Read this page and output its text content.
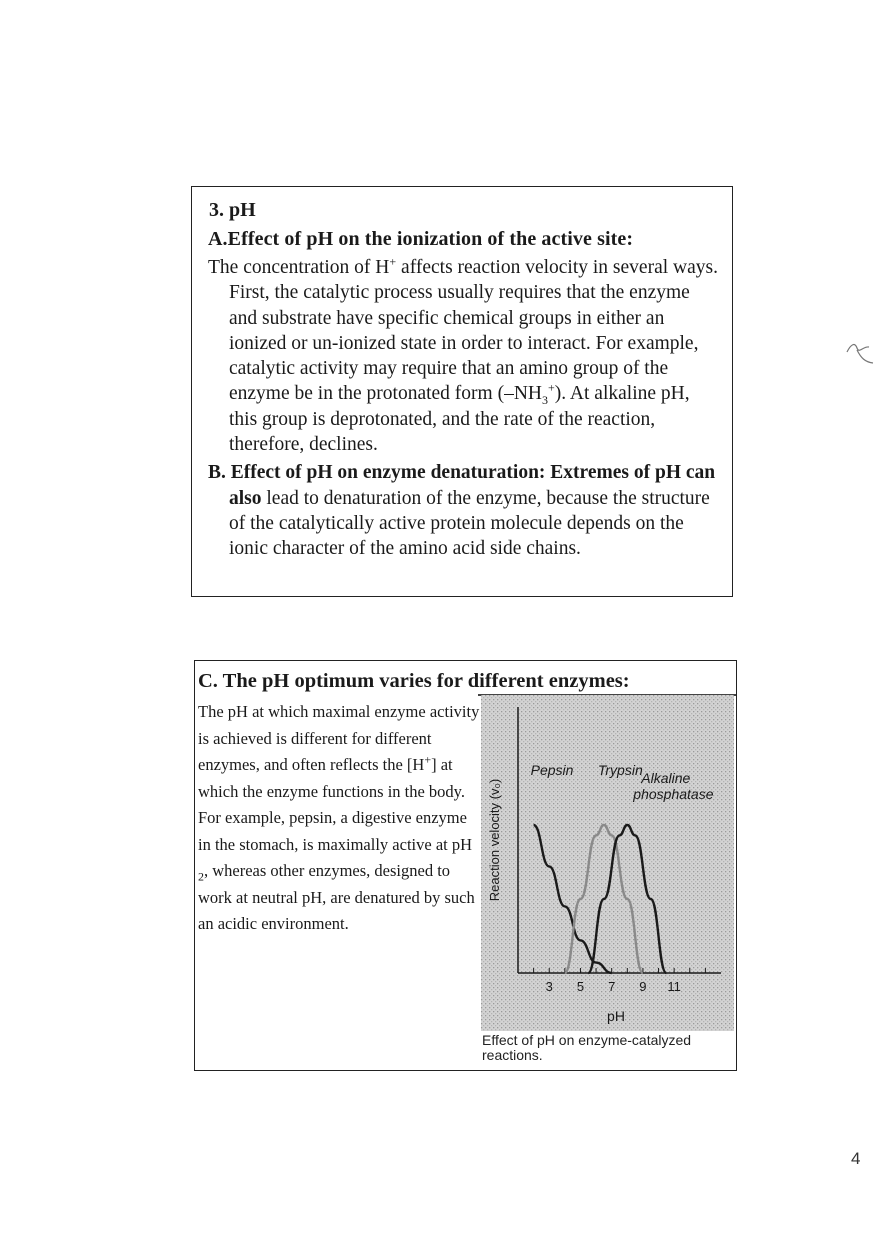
3. pH
A.Effect of pH on the ionization of the active site:
The concentration of H+ affects reaction velocity in several ways. First, the catalytic process usually requires that the enzyme and substrate have specific chemical groups in either an ionized or un-ionized state in order to interact. For example, catalytic activity may require that an amino group of the enzyme be in the protonated form $(-NH_3^+)$. At alkaline pH, this group is deprotonated, and the rate of the reaction, therefore, declines.
B. Effect of pH on enzyme denaturation: Extremes of pH can also lead to denaturation of the enzyme, because the structure of the catalytically active protein molecule depends on the ionic character of the amino acid side chains.
C. The pH optimum varies for different enzymes:
The pH at which maximal enzyme activity is achieved is different for different enzymes, and often reflects the [H+] at which the enzyme functions in the body.
For example, pepsin, a digestive enzyme in the stomach, is maximally active at pH $_2$, whereas other enzymes, designed to work at neutral pH, are denatured by such an acidic environment.
Reaction velocity (v₀)
pH
3 5 7 9 11
Pepsin Trypsin
Alkaline phosphatase
Effect of pH on enzyme-catalyzed reactions.
4
